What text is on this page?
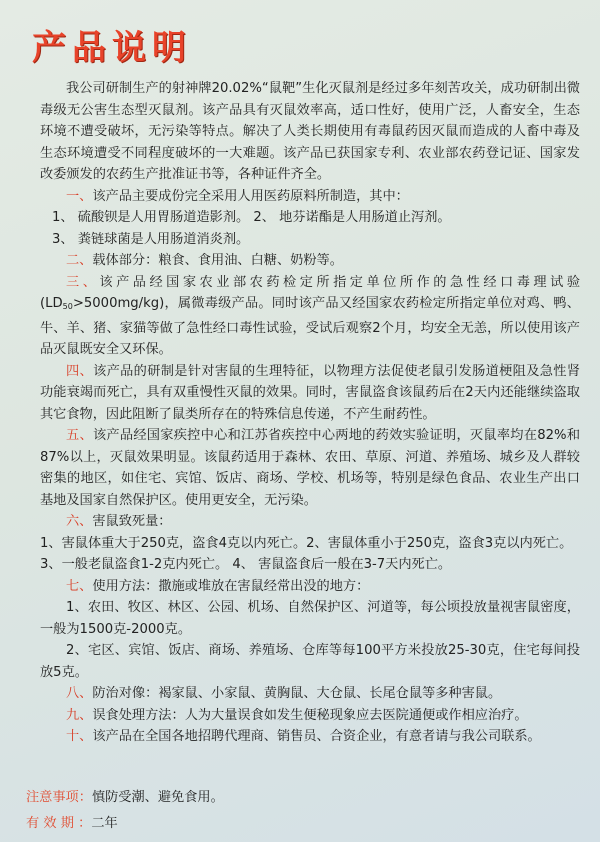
产品说明

我公司研制生产的射神牌20.02%“鼠靶”生化灭鼠剂是经过多年刻苦攻关，成功研制出微毒级无公害生态型灭鼠剂。该产品具有灭鼠效率高，适口性好，使用广泛，人畜安全，生态环境不遭受破坏，无污染等特点。解决了人类长期使用有毒鼠药因灭鼠而造成的人畜中毒及生态环境遭受不同程度破坏的一大难题。该产品已获国家专利、农业部农药登记证、国家发改委颁发的农药生产批准证书等，各种证件齐全。

一、该产品主要成份完全采用人用医药原料所制造，其中：

1、 硫酸钡是人用胃肠道造影剂。 2、 地芬诺酯是人用肠道止泻剂。

3、 粪链球菌是人用肠道消炎剂。

二、载体部分：粮食、食用油、白糖、奶粉等。

三、该产品经国家农业部农药检定所指定单位所作的急性经口毒理试验$(LD_{50}>5000mg/kg)$，属微毒级产品。同时该产品又经国家农药检定所指定单位对鸡、鸭、牛、羊、猪、家猫等做了急性经口毒性试验，受试后观察2个月，均安全无恙，所以使用该产品灭鼠既安全又环保。

四、该产品的研制是针对害鼠的生理特征，以物理方法促使老鼠引发肠道梗阻及急性肾功能衰竭而死亡，具有双重慢性灭鼠的效果。同时，害鼠盗食该鼠药后在2天内还能继续盗取其它食物，因此阻断了鼠类所存在的特殊信息传递，不产生耐药性。

五、该产品经国家疾控中心和江苏省疾控中心两地的药效实验证明，灭鼠率均在82%和87%以上，灭鼠效果明显。该鼠药适用于森林、农田、草原、河道、养殖场、城乡及人群较密集的地区，如住宅、宾馆、饭店、商场、学校、机场等，特别是绿色食品、农业生产出口基地及国家自然保护区。使用更安全，无污染。

六、害鼠致死量：

1、害鼠体重大于250克，盗食4克以内死亡。2、害鼠体重小于250克，盗食3克以内死亡。

3、一般老鼠盗食1-2克内死亡。 4、 害鼠盗食后一般在3-7天内死亡。

七、使用方法：撒施或堆放在害鼠经常出没的地方：

1、农田、牧区、林区、公园、机场、自然保护区、河道等，每公顷投放量视害鼠密度，一般为1500克-2000克。

2、宅区、宾馆、饭店、商场、养殖场、仓库等每100平方米投放25-30克，住宅每间投放5克。

八、防治对像：褐家鼠、小家鼠、黄胸鼠、大仓鼠、长尾仓鼠等多种害鼠。

九、误食处理方法：人为大量误食如发生便秘现象应去医院通便或作相应治疗。

十、该产品在全国各地招聘代理商、销售员、合资企业，有意者请与我公司联系。

注意事项：慎防受潮、避免食用。
有 效 期 ：二年
